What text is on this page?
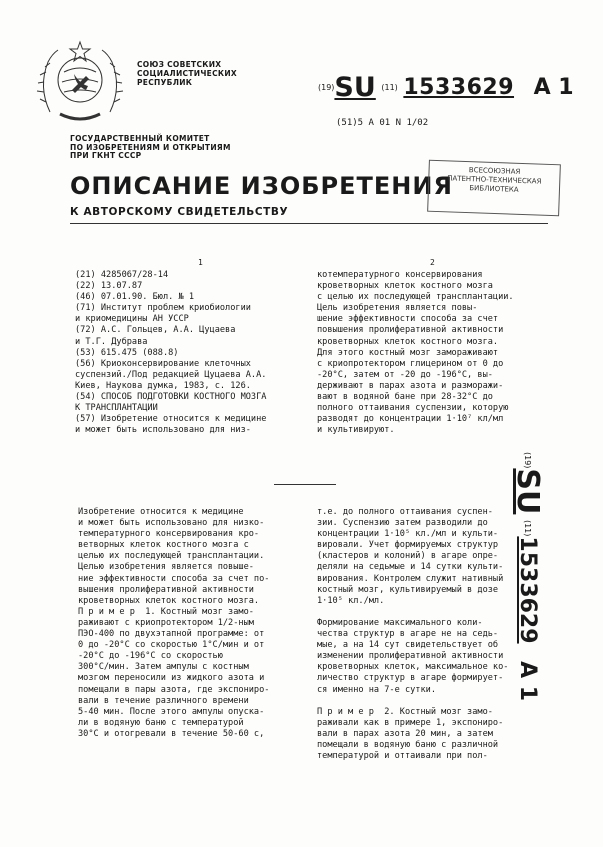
СОЮЗ СОВЕТСКИХ
СОЦИАЛИСТИЧЕСКИХ
РЕСПУБЛИК
(19)SU (11) 1533629 A 1
(51)5 A 01 N 1/02
ГОСУДАРСТВЕННЫЙ КОМИТЕТ
ПО ИЗОБРЕТЕНИЯМ И ОТКРЫТИЯМ
ПРИ ГКНТ СССР
ОПИСАНИЕ ИЗОБРЕТЕНИЯ
К АВТОРСКОМУ СВИДЕТЕЛЬСТВУ
ВСЕСОЮЗНАЯ
ПАТЕНТНО-ТЕХНИЧЕСКАЯ
БИБЛИОТЕКА
1	2
(21) 4285067/28-14
(22) 13.07.87
(46) 07.01.90. Бюл. № 1
(71) Институт проблем криобиологии
и криомедицины АН УССР
(72) А.С. Гольцев, А.А. Цуцаева
и Т.Г. Дубрава
(53) 615.475 (088.8)
(56) Криоконсервирование клеточных
суспензий./Под редакцией Цуцаева А.А.
Киев, Наукова думка, 1983, с. 126.
(54) СПОСОБ ПОДГОТОВКИ КОСТНОГО МОЗГА
К ТРАНСПЛАНТАЦИИ
(57) Изобретение относится к медицине
и может быть использовано для низ-
котемпературного консервирования
кроветворных клеток костного мозга
с целью их последующей трансплантации.
Цель изобретения является повы-
шение эффективности способа за счет
повышения пролиферативной активности
кроветворных клеток костного мозга.
Для этого костный мозг замораживают
с криопротектором глицерином от 0 до
-20°С, затем от -20 до -196°С, вы-
держивают в парах азота и разморажи-
вают в водяной бане при 28-32°С до
полного оттаивания суспензии, которую
разводят до концентрации 1·10⁷ кл/мл
и культивируют.
Изобретение относится к медицине
и может быть использовано для низко-
температурного консервирования кро-
ветворных клеток костного мозга с
целью их последующей трансплантации.
Целью изобретения является повыше-
ние эффективности способа за счет по-
вышения пролиферативной активности
кроветворных клеток костного мозга.
П р и м е р  1. Костный мозг замо-
раживают с криопротектором 1/2-ным
ПЭО-400 по двухэтапной программе: от
0 до -20°С со скоростью 1°С/мин и от
-20°С до -196°С со скоростью
300°С/мин. Затем ампулы с костным
мозгом переносили из жидкого азота и
помещали в пары азота, где экспониро-
вали в течение различного времени
5-40 мин. После этого ампулы опуска-
ли в водяную баню с температурой
30°С и отогревали в течение 50-60 с,
т.е. до полного оттаивания суспен-
зии. Суспензию затем разводили до
концентрации 1·10⁵ кл./мл и культи-
вировали. Учет формируемых структур
(кластеров и колоний) в агаре опре-
деляли на седьмые и 14 сутки культи-
вирования. Контролем служит нативный
костный мозг, культивируемый в дозе
1·10⁵ кл./мл.

Формирование максимального коли-
чества структур в агаре не на седь-
мые, а на 14 сут свидетельствует об
изменении пролиферативной активности
кроветворных клеток, максимальное ко-
личество структур в агаре формирует-
ся именно на 7-е сутки.

П р и м е р  2. Костный мозг замо-
раживали как в примере 1, экспониро-
вали в парах азота 20 мин, а затем
помещали в водяную баню с различной
температурой и оттаивали при пол-
(19)SU (11)1533629 A 1
